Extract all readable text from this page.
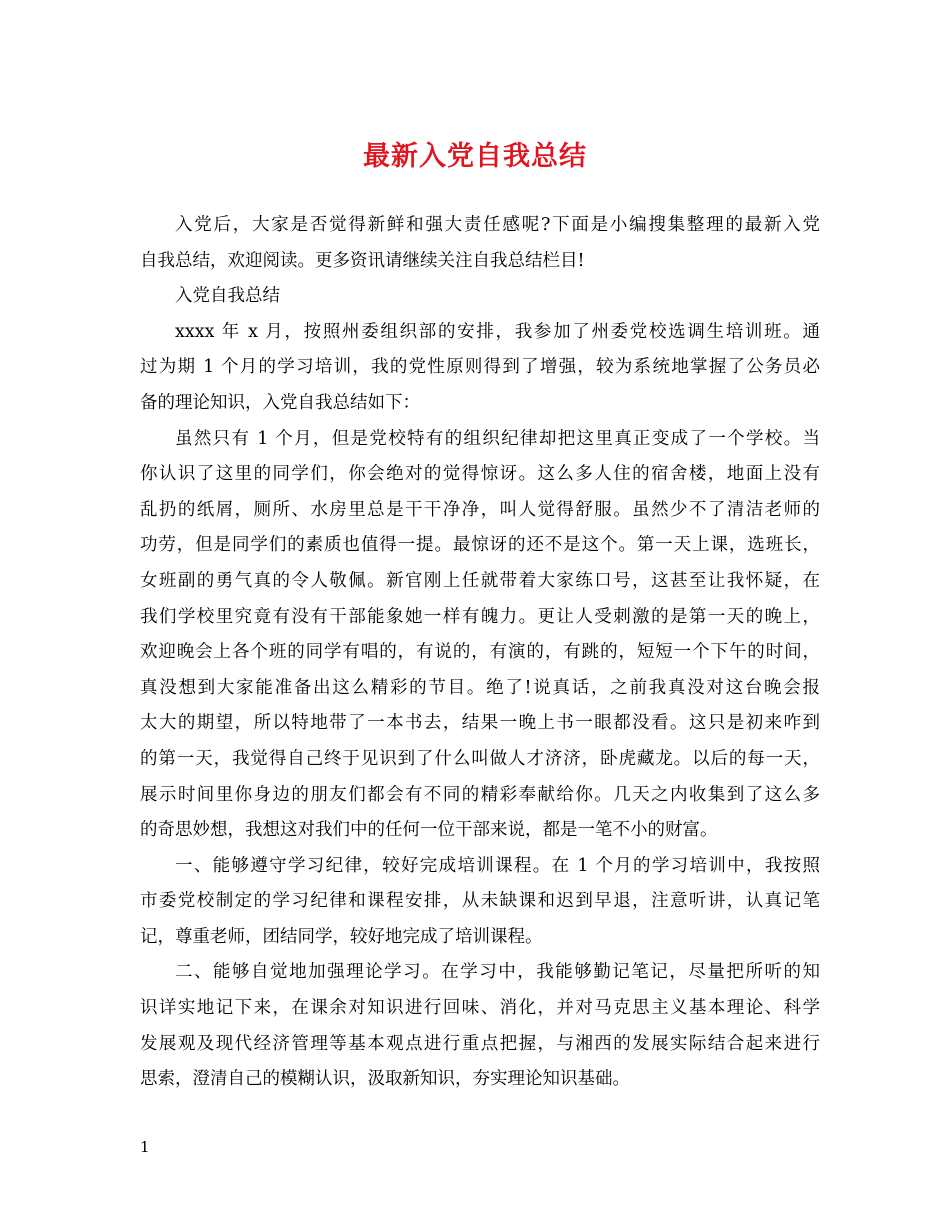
最新入党自我总结
入党后，大家是否觉得新鲜和强大责任感呢?下面是小编搜集整理的最新入党
自我总结，欢迎阅读。更多资讯请继续关注自我总结栏目!
入党自我总结
xxxx 年 x 月，按照州委组织部的安排，我参加了州委党校选调生培训班。通
过为期 1 个月的学习培训，我的党性原则得到了增强，较为系统地掌握了公务员必
备的理论知识，入党自我总结如下：
虽然只有 1 个月，但是党校特有的组织纪律却把这里真正变成了一个学校。当
你认识了这里的同学们，你会绝对的觉得惊讶。这么多人住的宿舍楼，地面上没有
乱扔的纸屑，厕所、水房里总是干干净净，叫人觉得舒服。虽然少不了清洁老师的
功劳，但是同学们的素质也值得一提。最惊讶的还不是这个。第一天上课，选班长，
女班副的勇气真的令人敬佩。新官刚上任就带着大家练口号，这甚至让我怀疑，在
我们学校里究竟有没有干部能象她一样有魄力。更让人受刺激的是第一天的晚上，
欢迎晚会上各个班的同学有唱的，有说的，有演的，有跳的，短短一个下午的时间，
真没想到大家能准备出这么精彩的节目。绝了!说真话，之前我真没对这台晚会报
太大的期望，所以特地带了一本书去，结果一晚上书一眼都没看。这只是初来咋到
的第一天，我觉得自己终于见识到了什么叫做人才济济，卧虎藏龙。以后的每一天，
展示时间里你身边的朋友们都会有不同的精彩奉献给你。几天之内收集到了这么多
的奇思妙想，我想这对我们中的任何一位干部来说，都是一笔不小的财富。
一、能够遵守学习纪律，较好完成培训课程。在 1 个月的学习培训中，我按照
市委党校制定的学习纪律和课程安排，从未缺课和迟到早退，注意听讲，认真记笔
记，尊重老师，团结同学，较好地完成了培训课程。
二、能够自觉地加强理论学习。在学习中，我能够勤记笔记，尽量把所听的知
识详实地记下来，在课余对知识进行回味、消化，并对马克思主义基本理论、科学
发展观及现代经济管理等基本观点进行重点把握，与湘西的发展实际结合起来进行
思索，澄清自己的模糊认识，汲取新知识，夯实理论知识基础。
1
